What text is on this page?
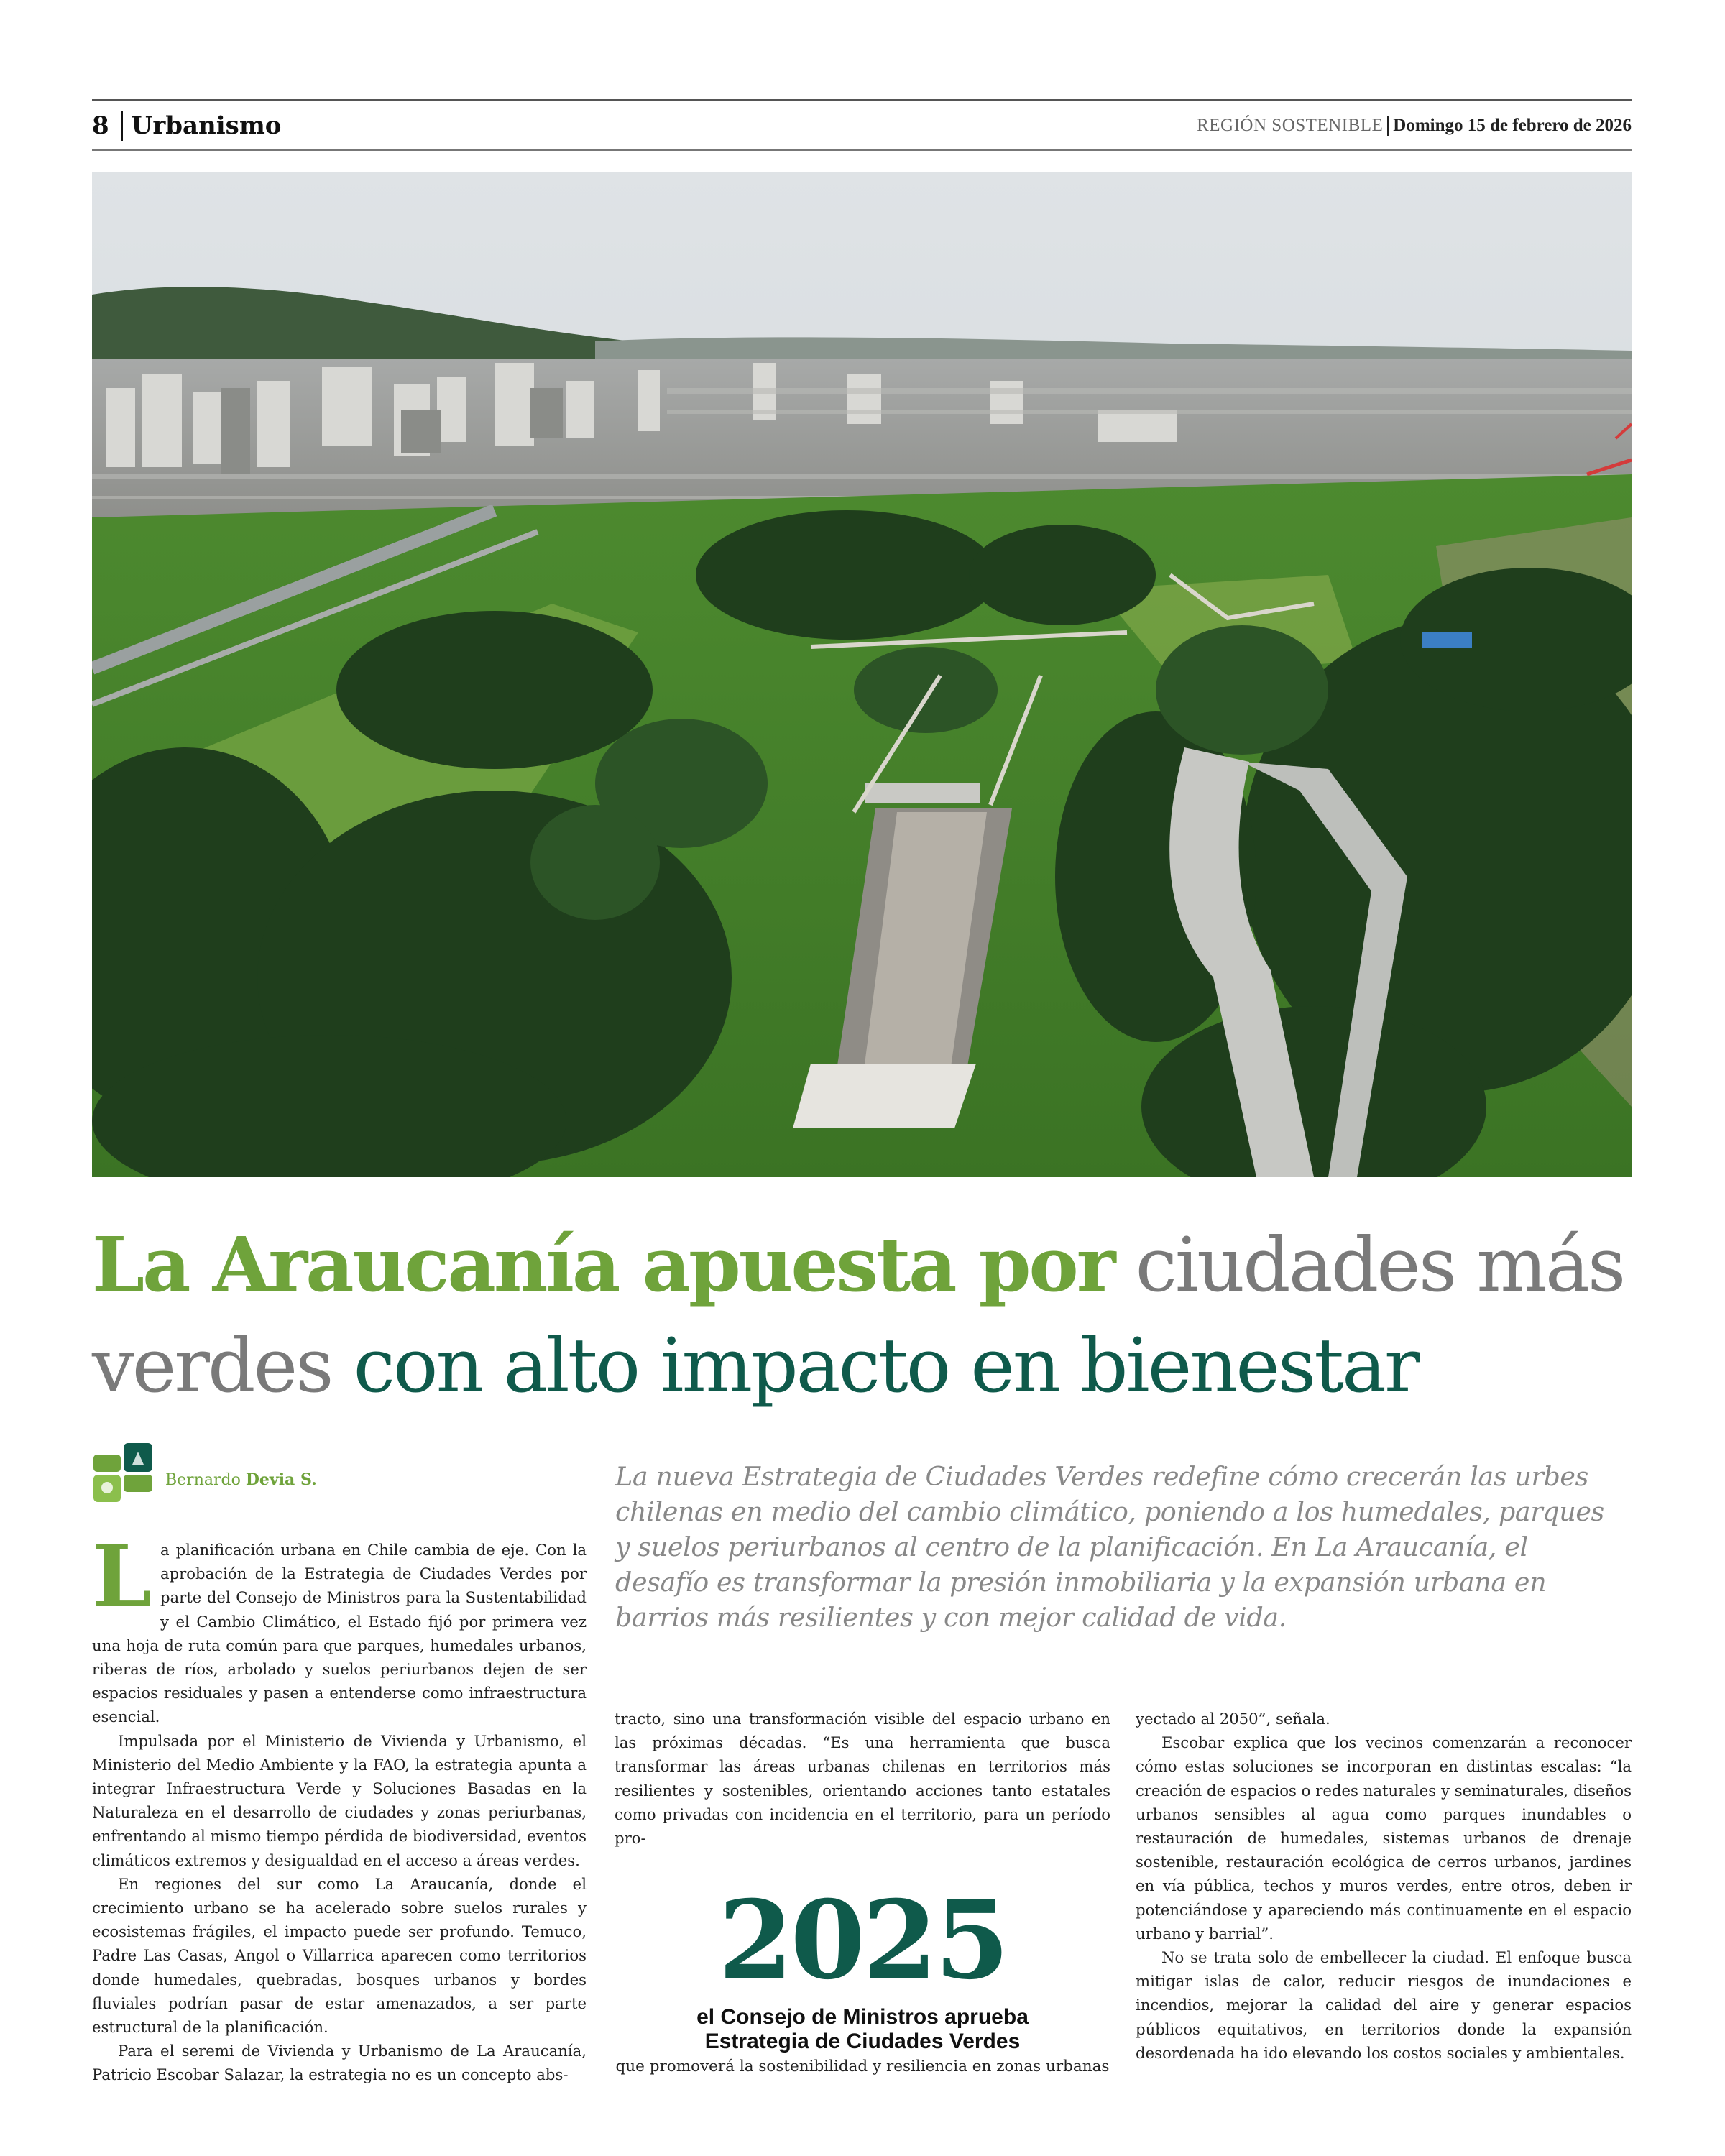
8 Urbanismo	REGIÓN SOSTENIBLE Domingo 15 de febrero de 2026
La Araucanía apuesta por ciudades más verdes con alto impacto en bienestar
Bernardo Devia S.	La nueva Estrategia de Ciudades Verdes redefine cómo crecerán las urbes chilenas en medio del cambio climático, poniendo a los humedales, parques y suelos periurbanos al centro de la planificación. En La Araucanía, el desafío es transformar la presión inmobiliaria y la expansión urbana en barrios más resilientes y con mejor calidad de vida.

La planificación urbana en Chile cambia de eje. Con la aprobación de la Estrategia de Ciudades Verdes por parte del Consejo de Ministros para la Sustentabilidad y el Cambio Climático, el Estado fijó por primera vez una hoja de ruta común para que parques, humedales urbanos, riberas de ríos, arbolado y suelos periurbanos dejen de ser espacios residuales y pasen a entenderse como infraestructura esencial.

Impulsada por el Ministerio de Vivienda y Urbanismo, el Ministerio del Medio Ambiente y la FAO, la estrategia apunta a integrar Infraestructura Verde y Soluciones Basadas en la Naturaleza en el desarrollo de ciudades y zonas periurbanas, enfrentando al mismo tiempo pérdida de biodiversidad, eventos climáticos extremos y desigualdad en el acceso a áreas verdes.

En regiones del sur como La Araucanía, donde el crecimiento urbano se ha acelerado sobre suelos rurales y ecosistemas frágiles, el impacto puede ser profundo. Temuco, Padre Las Casas, Angol o Villarrica aparecen como territorios donde humedales, quebradas, bosques urbanos y bordes fluviales podrían pasar de estar amenazados, a ser parte estructural de la planificación.

Para el seremi de Vivienda y Urbanismo de La Araucanía, Patricio Escobar Salazar, la estrategia no es un concepto abs-

tracto, sino una transformación visible del espacio urbano en las próximas décadas. “Es una herramienta que busca transformar las áreas urbanas chilenas en territorios más resilientes y sostenibles, orientando acciones tanto estatales como privadas con incidencia en el territorio, para un período pro-

2025
el Consejo de Ministros aprueba
Estrategia de Ciudades Verdes
que promoverá la sostenibilidad y resiliencia en zonas urbanas

yectado al 2050”, señala.

Escobar explica que los vecinos comenzarán a reconocer cómo estas soluciones se incorporan en distintas escalas: “la creación de espacios o redes naturales y seminaturales, diseños urbanos sensibles al agua como parques inundables o restauración de humedales, sistemas urbanos de drenaje sostenible, restauración ecológica de cerros urbanos, jardines en vía pública, techos y muros verdes, entre otros, deben ir potenciándose y apareciendo más continuamente en el espacio urbano y barrial”.

No se trata solo de embellecer la ciudad. El enfoque busca mitigar islas de calor, reducir riesgos de inundaciones e incendios, mejorar la calidad del aire y generar espacios públicos equitativos, en territorios donde la expansión desordenada ha ido elevando los costos sociales y ambientales.
